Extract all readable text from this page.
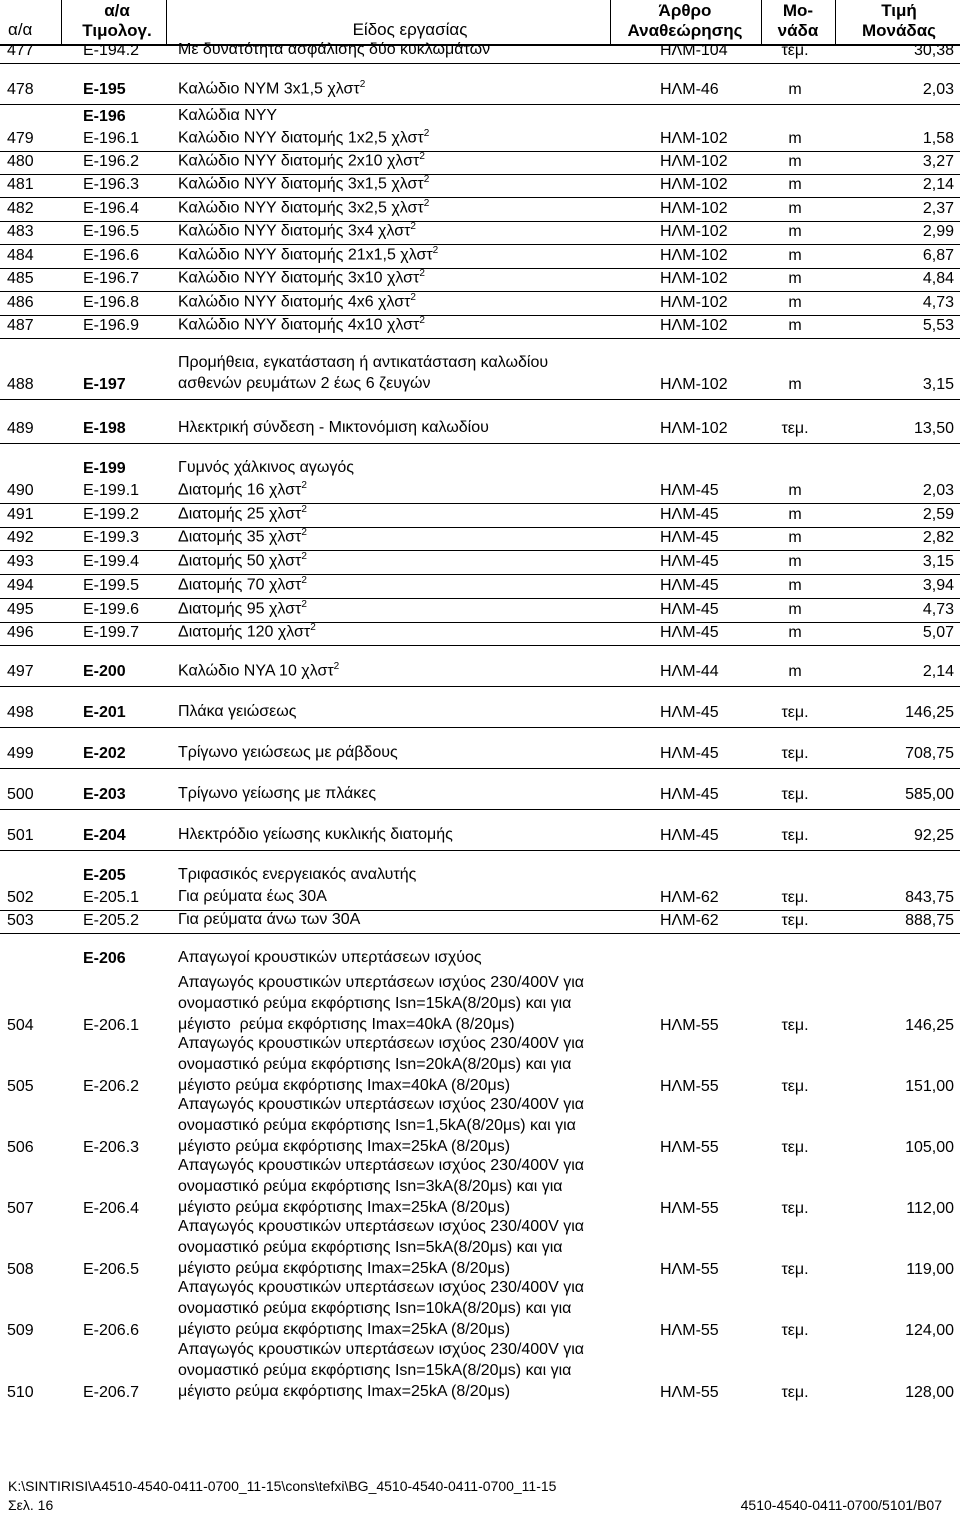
α/α
α/α
Τιμολογ.	Είδος εργασίας
Άρθρο
Αναθεώρησης
Μο-
νάδα
Τιμή
Μονάδας
477	Ε-194.2 Με δυνατότητα ασφάλισης δύο κυκλωμάτων	ΗΛΜ-104	τεμ.	30,38
478	Ε-195	Καλώδιο NYM 3x1,5 χλστ$^2$	ΗΛΜ-46	m	2,03
Ε-196	Καλώδια NYY
479	Ε-196.1 Καλώδιο NYY διατομής 1x2,5 χλστ$^2$	ΗΛΜ-102	m	1,58
480	Ε-196.2 Καλώδιο NYY διατομής 2x10 χλστ$^2$	ΗΛΜ-102	m	3,27
481	Ε-196.3 Καλώδιο NYY διατομής 3x1,5 χλστ$^2$	ΗΛΜ-102	m	2,14
482	Ε-196.4 Καλώδιο NYY διατομής 3x2,5 χλστ$^2$	ΗΛΜ-102	m	2,37
483	Ε-196.5 Καλώδιο NYY διατομής 3x4 χλστ$^2$	ΗΛΜ-102	m	2,99
484	Ε-196.6 Καλώδιο NYY διατομής 21x1,5 χλστ$^2$	ΗΛΜ-102	m	6,87
485	Ε-196.7 Καλώδιο NYY διατομής 3x10 χλστ$^2$	ΗΛΜ-102	m	4,84
486	Ε-196.8 Καλώδιο NYY διατομής 4x6 χλστ$^2$	ΗΛΜ-102	m	4,73
487	Ε-196.9 Καλώδιο NYY διατομής 4x10 χλστ$^2$	ΗΛΜ-102	m	5,53
488	Ε-197
Προμήθεια, εγκατάσταση ή αντικατάσταση καλωδίου
ασθενών ρευμάτων 2 έως 6 ζευγών	ΗΛΜ-102	m	3,15
489	Ε-198	Ηλεκτρική σύνδεση - Μικτονόμιση καλωδίου	ΗΛΜ-102	τεμ.	13,50
Ε-199	Γυμνός χάλκινος αγωγός
490	Ε-199.1 Διατομής 16 χλστ$^2$	ΗΛΜ-45	m	2,03
491	Ε-199.2 Διατομής 25 χλστ$^2$	ΗΛΜ-45	m	2,59
492	Ε-199.3 Διατομής 35 χλστ$^2$	ΗΛΜ-45	m	2,82
493	Ε-199.4 Διατομής 50 χλστ$^2$	ΗΛΜ-45	m	3,15
494	Ε-199.5 Διατομής 70 χλστ$^2$	ΗΛΜ-45	m	3,94
495	Ε-199.6 Διατομής 95 χλστ$^2$	ΗΛΜ-45	m	4,73
496	Ε-199.7 Διατομής 120 χλστ$^2$	ΗΛΜ-45	m	5,07
497	Ε-200	Καλώδιο NYA 10 χλστ$^2$	ΗΛΜ-44	m	2,14
498	Ε-201	Πλάκα γειώσεως	ΗΛΜ-45	τεμ.	146,25
499	Ε-202	Τρίγωνο γειώσεως με ράβδους	ΗΛΜ-45	τεμ.	708,75
500	Ε-203	Τρίγωνο γείωσης με πλάκες	ΗΛΜ-45	τεμ.	585,00
501	Ε-204	Ηλεκτρόδιο γείωσης κυκλικής διατομής	ΗΛΜ-45	τεμ.	92,25
Ε-205	Τριφασικός ενεργειακός αναλυτής
502	Ε-205.1 Για ρεύματα έως 30Α	ΗΛΜ-62	τεμ.	843,75
503	Ε-205.2 Για ρεύματα άνω των 30Α	ΗΛΜ-62	τεμ.	888,75
Ε-206	Απαγωγοί κρουστικών υπερτάσεων ισχύος
504	Ε-206.1
Απαγωγός κρουστικών υπερτάσεων ισχύος 230/400V για
ονομαστικό ρεύμα εκφόρτισης Isn=15kA(8/20μs) και για
μέγιστο  ρεύμα εκφόρτισης Imax=40kA (8/20μs)	ΗΛΜ-55	τεμ.	146,25
505	Ε-206.2
Απαγωγός κρουστικών υπερτάσεων ισχύος 230/400V για
ονομαστικό ρεύμα εκφόρτισης Isn=20kA(8/20μs) και για
μέγιστο ρεύμα εκφόρτισης Imax=40kA (8/20μs)	ΗΛΜ-55	τεμ.	151,00
506	Ε-206.3
Απαγωγός κρουστικών υπερτάσεων ισχύος 230/400V για
ονομαστικό ρεύμα εκφόρτισης Isn=1,5kA(8/20μs) και για
μέγιστο ρεύμα εκφόρτισης Imax=25kA (8/20μs)	ΗΛΜ-55	τεμ.	105,00
507	Ε-206.4
Απαγωγός κρουστικών υπερτάσεων ισχύος 230/400V για
ονομαστικό ρεύμα εκφόρτισης Isn=3kA(8/20μs) και για
μέγιστο ρεύμα εκφόρτισης Imax=25kA (8/20μs)	ΗΛΜ-55	τεμ.	112,00
508	Ε-206.5
Απαγωγός κρουστικών υπερτάσεων ισχύος 230/400V για
ονομαστικό ρεύμα εκφόρτισης Isn=5kA(8/20μs) και για
μέγιστο ρεύμα εκφόρτισης Imax=25kA (8/20μs)	ΗΛΜ-55	τεμ.	119,00
509	Ε-206.6
Απαγωγός κρουστικών υπερτάσεων ισχύος 230/400V για
ονομαστικό ρεύμα εκφόρτισης Isn=10kA(8/20μs) και για
μέγιστο ρεύμα εκφόρτισης Imax=25kA (8/20μs)	ΗΛΜ-55	τεμ.	124,00
510	Ε-206.7
Απαγωγός κρουστικών υπερτάσεων ισχύος 230/400V για
ονομαστικό ρεύμα εκφόρτισης Isn=15kA(8/20μs) και για
μέγιστο ρεύμα εκφόρτισης Imax=25kA (8/20μs)	ΗΛΜ-55	τεμ.	128,00
K:\SINTIRISI\A4510-4540-0411-0700_11-15\cons\tefxi\BG_4510-4540-0411-0700_11-15
Σελ. 16	4510-4540-0411-0700/5101/B07
